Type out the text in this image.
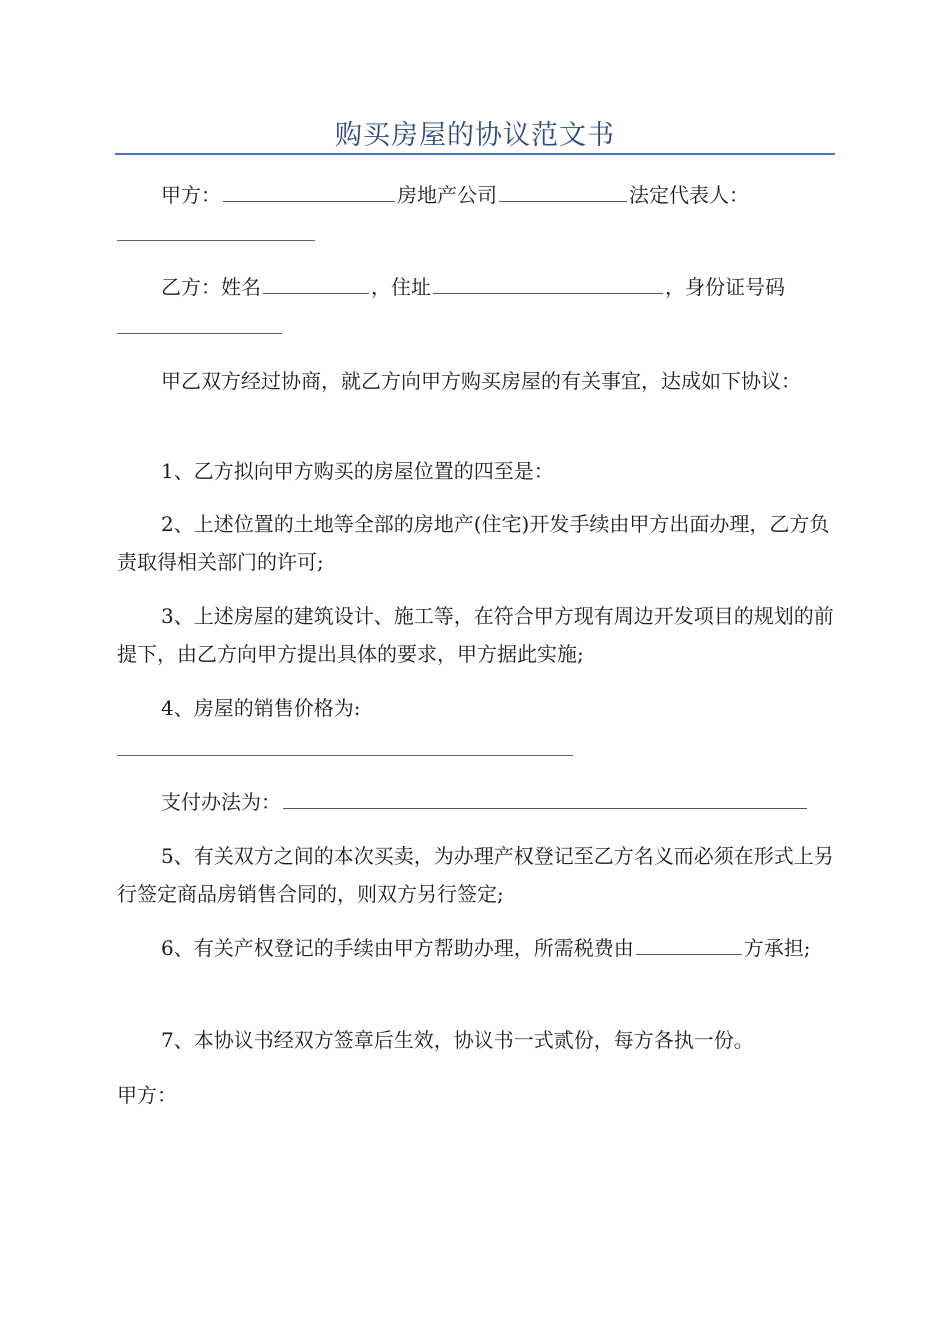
购买房屋的协议范文书

甲方：	房地产公司	法定代表人：

乙方：姓名	，住址	，身份证号码

甲乙双方经过协商，就乙方向甲方购买房屋的有关事宜，达成如下协议：

1、乙方拟向甲方购买的房屋位置的四至是：

2、上述位置的土地等全部的房地产(住宅)开发手续由甲方出面办理，乙方负责取得相关部门的许可;

3、上述房屋的建筑设计、施工等，在符合甲方现有周边开发项目的规划的前提下，由乙方向甲方提出具体的要求，甲方据此实施;

4、房屋的销售价格为:

支付办法为：

5、有关双方之间的本次买卖，为办理产权登记至乙方名义而必须在形式上另行签定商品房销售合同的，则双方另行签定;

6、有关产权登记的手续由甲方帮助办理，所需税费由	方承担;

7、本协议书经双方签章后生效，协议书一式贰份，每方各执一份。

甲方：
